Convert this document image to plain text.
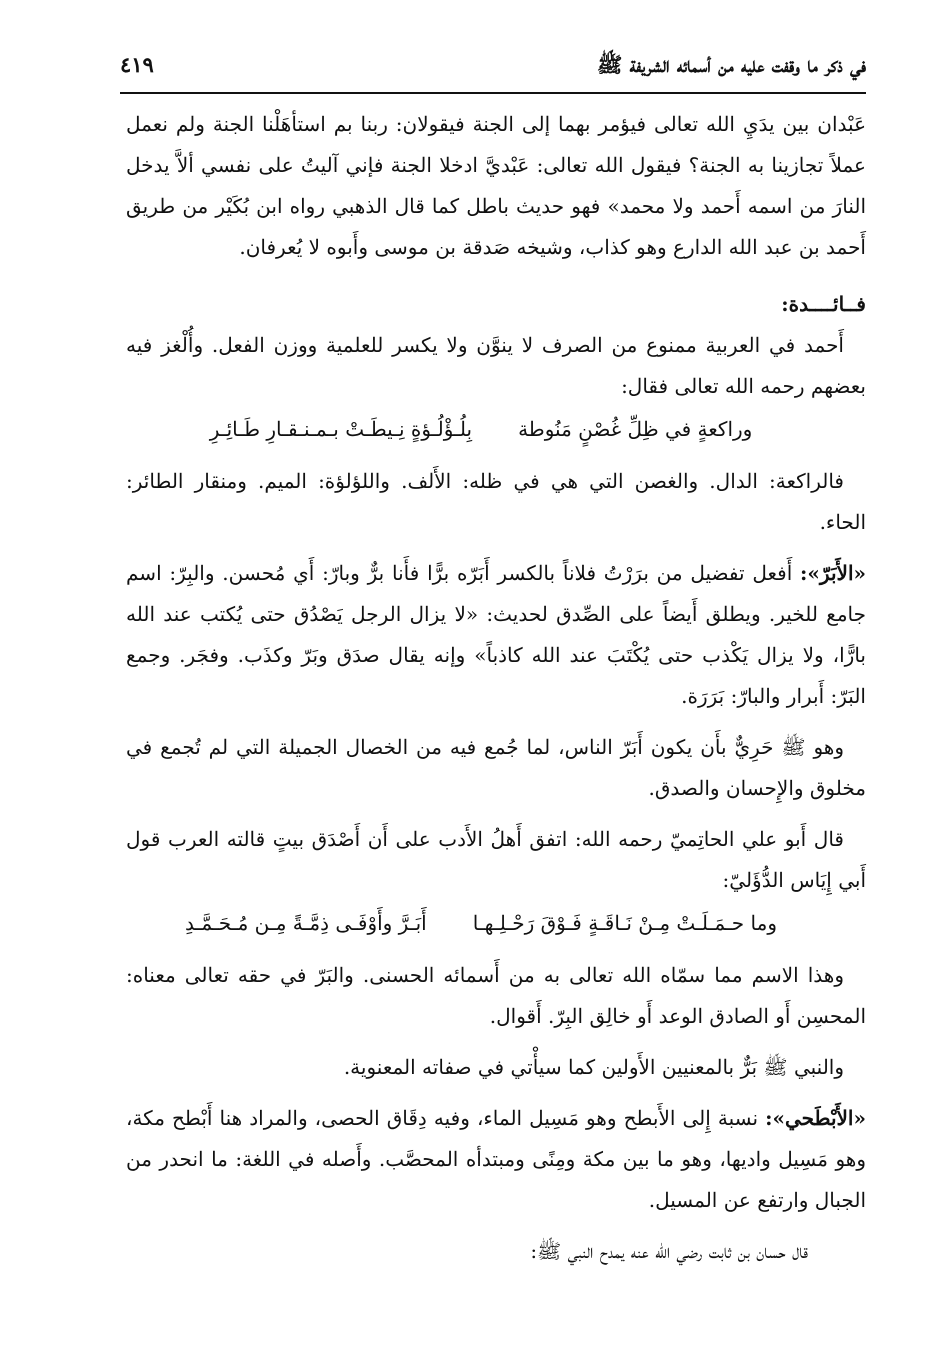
في ذكر ما وقفت عليه من أسمائه الشريفة ﷺ
٤١٩

عَبْدان بين يدَيِ الله تعالى فيؤمر بهما إلى الجنة فيقولان: ربنا بم استأهَلْنا الجنة ولم نعمل عملاً تجازينا به الجنة؟ فيقول الله تعالى: عَبْديَّ ادخلا الجنة فإني آليتُ على نفسي ألاَّ يدخل النارَ من اسمه أَحمد ولا محمد» فهو حديث باطل كما قال الذهبي رواه ابن بُكَيْر من طريق أَحمد بن عبد الله الدارع وهو كذاب، وشيخه صَدقة بن موسى وأَبوه لا يُعرفان.

فــائــــدة:

أَحمد في العربية ممنوع من الصرف لا ينوَّن ولا يكسر للعلمية ووزن الفعل. وأُلْغز فيه بعضهم رحمه الله تعالى فقال:

وراكعةٍ في ظِلِّ غُصْنٍ مَنُوطة
بِلُـؤْلُـؤةٍ نِـيطَـتْ بـمـنـقـارِ طَـائِـرِ

فالراكعة: الدال. والغصن التي هي في ظله: الأَلف. واللؤلؤة: الميم. ومنقار الطائر: الحاء.

«الأَبَرّ»: أَفعل تفضيل من برَرْتُ فلاناً بالكسر أَبَرّه برًّا فأَنا برٌّ وبارّ: أَي مُحسن. والبِرّ: اسم جامع للخير. ويطلق أَيضاً على الصِّدق لحديث: «لا يزال الرجل يَصْدُق حتى يُكتب عند الله بارًّا، ولا يزال يَكْذب حتى يُكْتَبَ عند الله كاذباً» وإنه يقال صدَق وبَرّ وكذَب. وفجَر. وجمع البَرّ: أَبرار والبارّ: بَرَرَة.

وهو ﷺ حَرِيٌّ بأَن يكون أَبَرّ الناس، لما جُمع فيه من الخصال الجميلة التي لم تُجمع في مخلوق والإِحسان والصدق.

قال أَبو علي الحاتِميّ رحمه الله: اتفق أَهلُ الأَدب على أَن أَصْدَق بيتٍ قالته العرب قول أَبي إِيَاس الدُّؤَليّ:

وما حـمَـلَـتْ مِـنْ نَـاقَـةٍ فَـوْقَ رَحْـلِـهـا
أَبَـرَّ وأَوْفَـى ذِمَّـةً مِـن مُـحَـمَّـدِ

وهذا الاسم مما سمّاه الله تعالى به من أَسمائه الحسنى. والبَرّ في حقه تعالى معناه: المحسِن أَو الصادق الوعد أَو خالِق البِرّ. أَقوال.

والنبي ﷺ بَرٌّ بالمعنيين الأَولين كما سيأْتي في صفاته المعنوية.

«الأَبْطَحي»: نسبة إِلى الأَبطح وهو مَسِيل الماء، وفيه دِقَاق الحصى، والمراد هنا أَبْطح مكة، وهو مَسِيل واديها، وهو ما بين مكة ومِنًى ومبتدأه المحصَّب. وأَصله في اللغة: ما انحدر من الجبال وارتفع عن المسيل.

قال حسان بن ثابت رضي الله عنه يمدح النبي ﷺ:
